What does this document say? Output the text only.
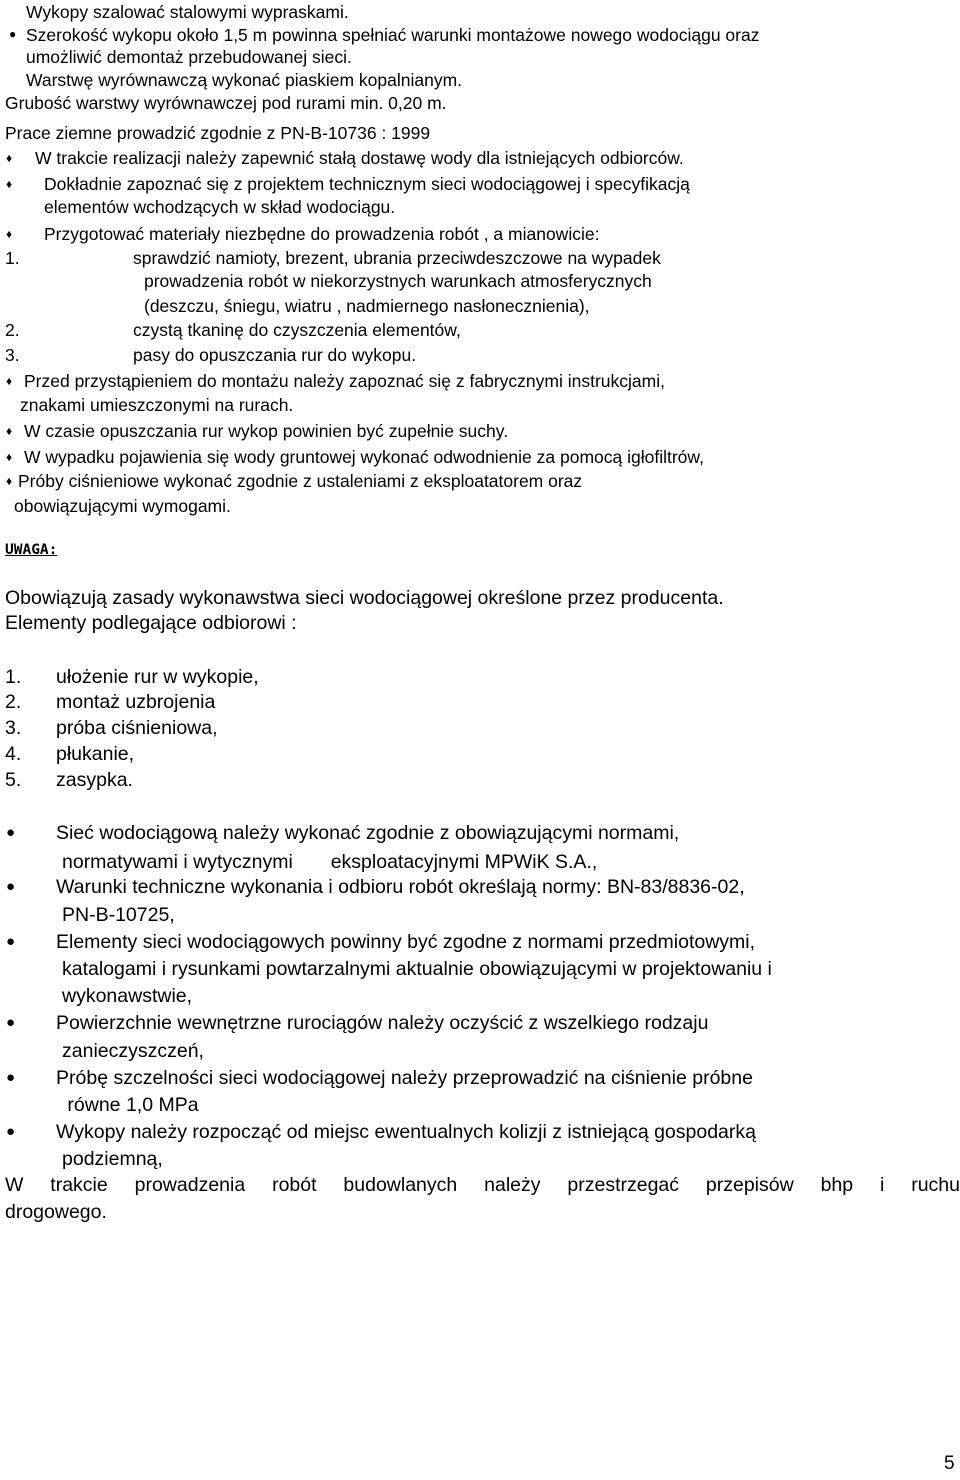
Wykopy szalować stalowymi wypraskami.
● Szerokość wykopu około 1,5 m powinna spełniać warunki montażowe nowego wodociągu oraz
umożliwić demontaż przebudowanej sieci.
Warstwę wyrównawczą wykonać piaskiem kopalnianym.
Grubość warstwy wyrównawczej pod rurami min. 0,20 m.
Prace ziemne prowadzić zgodnie z PN-B-10736 : 1999
♦ W trakcie realizacji należy zapewnić stałą dostawę wody dla istniejących odbiorców.
♦ Dokładnie zapoznać się z projektem technicznym sieci wodociągowej i specyfikacją
elementów wchodzących w skład wodociągu.
♦ Przygotować materiały niezbędne do prowadzenia robót , a mianowicie:
1.	sprawdzić namioty, brezent, ubrania przeciwdeszczowe na wypadek
prowadzenia robót w niekorzystnych warunkach atmosferycznych
(deszczu, śniegu, wiatru , nadmiernego nasłonecznienia),
2.	czystą tkaninę do czyszczenia elementów,
3.	pasy do opuszczania rur do wykopu.
♦ Przed przystąpieniem do montażu należy zapoznać się z fabrycznymi instrukcjami,
znakami umieszczonymi na rurach.
♦ W czasie opuszczania rur wykop powinien być zupełnie suchy.
♦ W wypadku pojawienia się wody gruntowej wykonać odwodnienie za pomocą igłofiltrów,
♦ Próby ciśnieniowe wykonać zgodnie z ustaleniami z eksploatatorem oraz
obowiązującymi wymogami.
UWAGA:
Obowiązują zasady wykonawstwa sieci wodociągowej określone przez producenta.
Elementy podlegające odbiorowi :
1. ułożenie rur w wykopie,
2. montaż uzbrojenia
3. próba ciśnieniowa,
4. płukanie,
5. zasypka.
● Sieć wodociągową należy wykonać zgodnie z obowiązującymi normami,
normatywami i wytycznymi       eksploatacyjnymi MPWiK S.A.,
● Warunki techniczne wykonania i odbioru robót określają normy: BN-83/8836-02,
PN-B-10725,
● Elementy sieci wodociągowych powinny być zgodne z normami przedmiotowymi,
katalogami i rysunkami powtarzalnymi aktualnie obowiązującymi w projektowaniu i
wykonawstwie,
● Powierzchnie wewnętrzne rurociągów należy oczyścić z wszelkiego rodzaju
zanieczyszczeń,
● Próbę szczelności sieci wodociągowej należy przeprowadzić na ciśnienie próbne
równe 1,0 MPa
● Wykopy należy rozpocząć od miejsc ewentualnych kolizji z istniejącą gospodarką
podziemną,
W trakcie prowadzenia robót budowlanych należy przestrzegać przepisów bhp i ruchu
drogowego.
5
